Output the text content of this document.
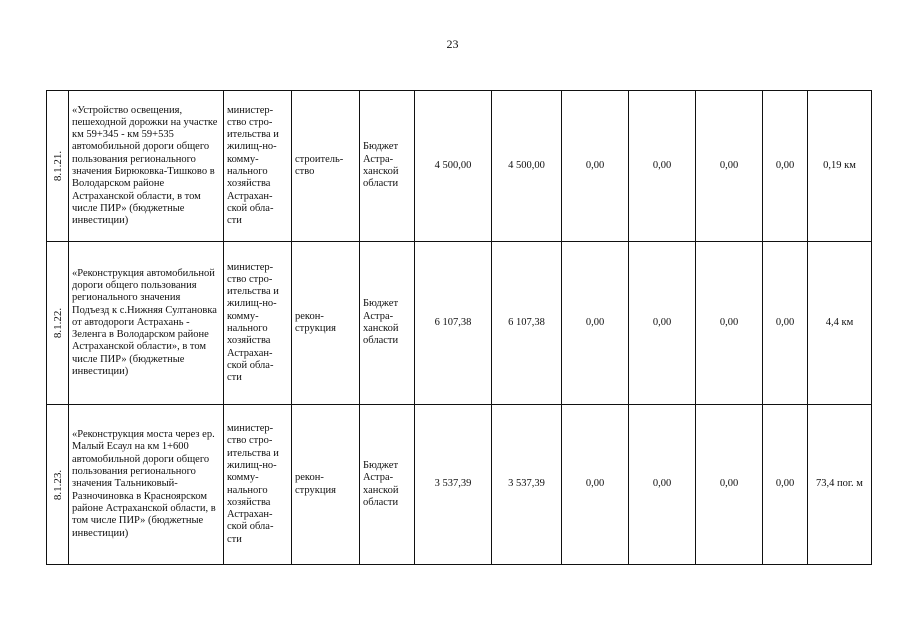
23
8.1.21.	«Устройство освещения, пешеходной дорожки на участке км 59+345 - км 59+535 автомобильной дороги общего пользования регионального значения Бирюковка-Тишково в Володарском районе Астраханской области, в том числе ПИР» (бюджетные инвестиции)	министер-ство стро-ительства и жилищ-но-комму-нального хозяйства Астрахан-ской обла-сти	строитель-ство	Бюджет Астра-ханской области	4 500,00	4 500,00	0,00	0,00	0,00	0,00	0,19 км

8.1.22.	«Реконструкция автомобильной дороги общего пользования регионального значения Подъезд к с.Нижняя Султановка от автодороги Астрахань - Зеленга в Володарском районе Астраханской области», в том числе ПИР» (бюджетные инвестиции)	министер-ство стро-ительства и жилищ-но-комму-нального хозяйства Астрахан-ской обла-сти	рекон-струкция	Бюджет Астра-ханской области	6 107,38	6 107,38	0,00	0,00	0,00	0,00	4,4 км

8.1.23.	«Реконструкция моста через ер. Малый Есаул на км 1+600 автомобильной дороги общего пользования регионального значения Тальниковый-Разночиновка в Красноярском районе Астраханской области, в том числе ПИР» (бюджетные инвестиции)	министер-ство стро-ительства и жилищ-но-комму-нального хозяйства Астрахан-ской обла-сти	рекон-струкция	Бюджет Астра-ханской области	3 537,39	3 537,39	0,00	0,00	0,00	0,00	73,4 пог. м
